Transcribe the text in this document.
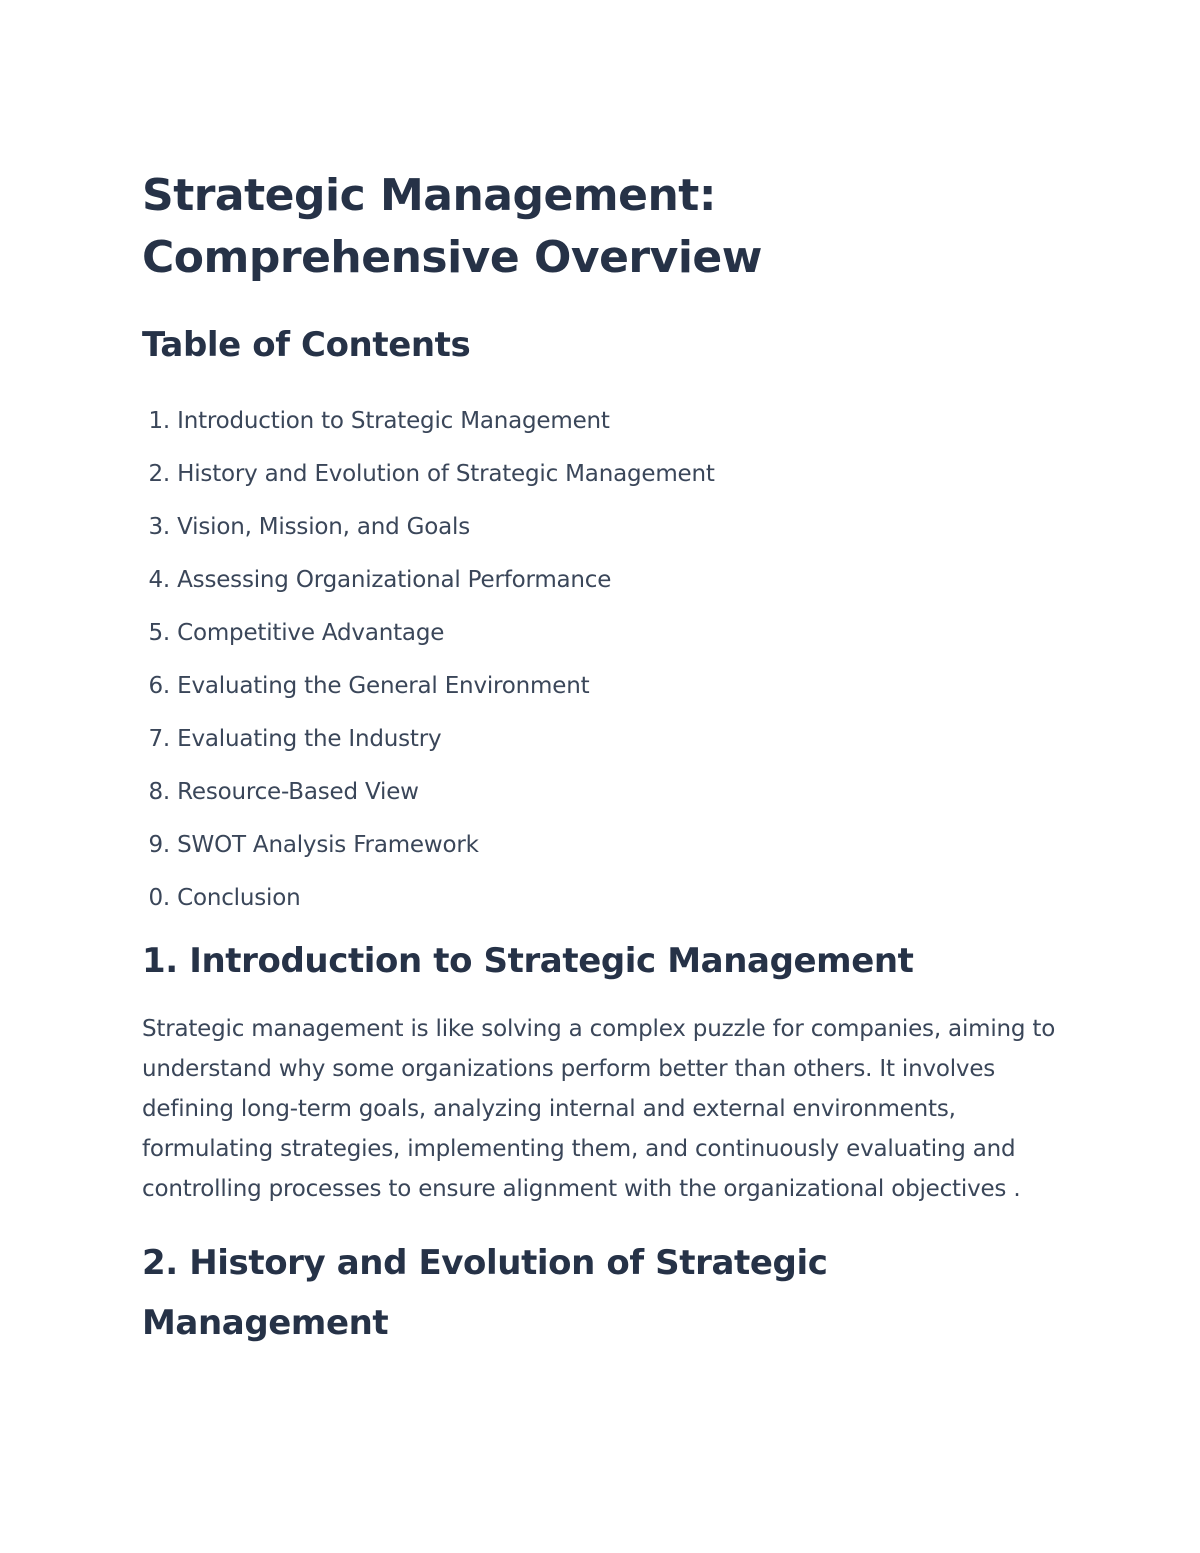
Strategic Management: Comprehensive Overview
Table of Contents
1. Introduction to Strategic Management
2. History and Evolution of Strategic Management
3. Vision, Mission, and Goals
4. Assessing Organizational Performance
5. Competitive Advantage
6. Evaluating the General Environment
7. Evaluating the Industry
8. Resource-Based View
9. SWOT Analysis Framework
0. Conclusion
1. Introduction to Strategic Management

Strategic management is like solving a complex puzzle for companies, aiming to understand why some organizations perform better than others. It involves defining long-term goals, analyzing internal and external environments, formulating strategies, implementing them, and continuously evaluating and controlling processes to ensure alignment with the organizational objectives .

2. History and Evolution of Strategic Management
